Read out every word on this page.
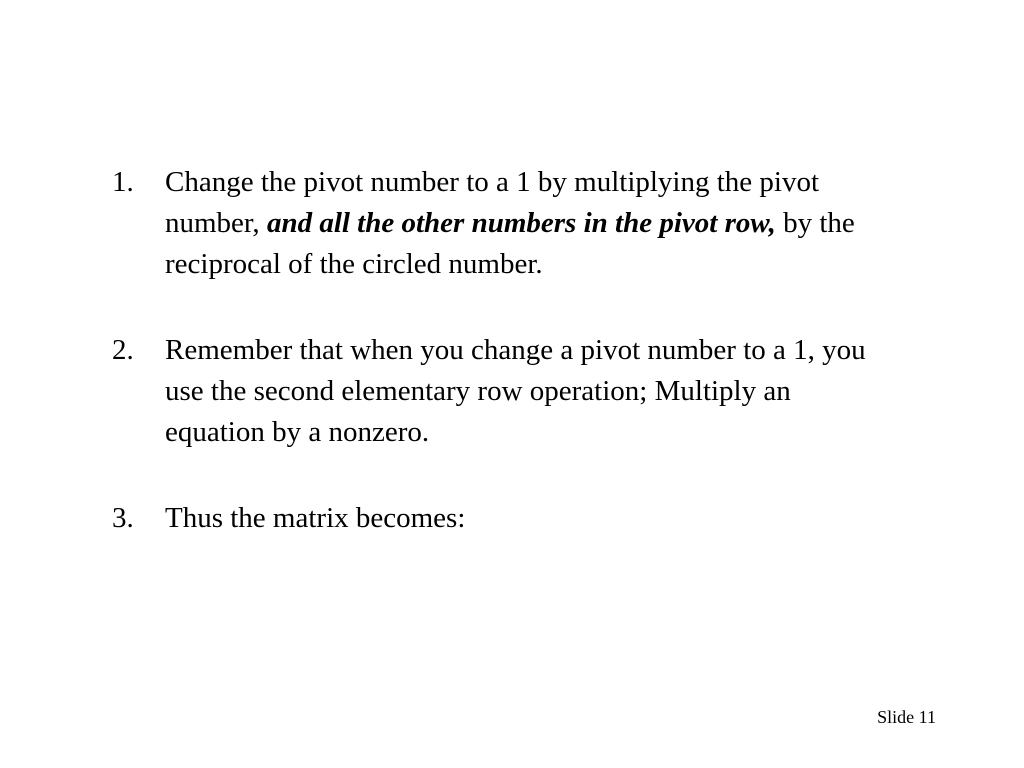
1.	Change the pivot number to a 1 by multiplying the pivot number, and all the other numbers in the pivot row, by the reciprocal of the circled number.
2.	Remember that when you change a pivot number to a 1, you use the second elementary row operation; Multiply an equation by a nonzero.
3.	Thus the matrix becomes:
Slide 11
